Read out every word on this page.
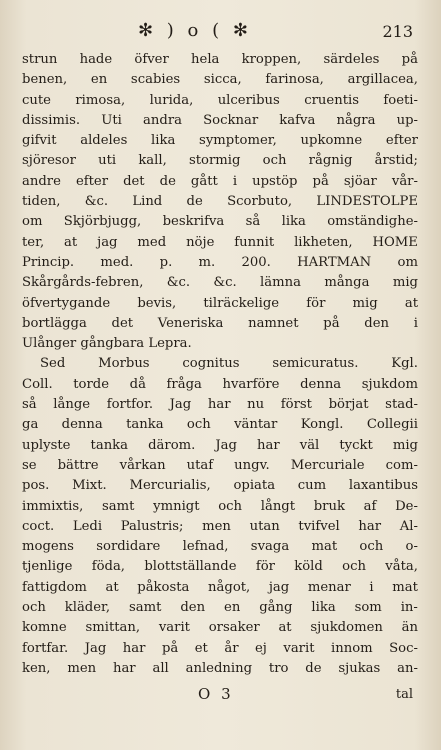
✻ ) o ( ✻	213
strun hade öfver hela kroppen, särdeles på
benen, en scabies sicca, farinosa, argillacea,
cute rimosa, lurida, ulceribus cruentis foeti-
dissimis. Uti andra Socknar kafva några up-
gifvit aldeles lika symptomer, upkomne efter
sjöresor uti kall, stormig och rågnig årstid;
andre efter det de gått i upstöp på sjöar vår-
tiden, &c. Lind de Scorbuto, LINDESTOLPE
om Skjörbjugg, beskrifva så lika omständighe-
ter, at jag med nöje funnit likheten, HOME
Princip. med. p. m. 200. HARTMAN om
Skårgårds-febren, &c. &c. lämna många mig
öfvertygande bevis, tilräckelige för mig at
bortlägga det Veneriska namnet på den i
Ulånger gångbara Lepra.
Sed Morbus cognitus semicuratus. Kgl.
Coll. torde då fråga hvarföre denna sjukdom
så långe fortfor. Jag har nu först börjat stad-
ga denna tanka och väntar Kongl. Collegii
uplyste tanka därom. Jag har väl tyckt mig
se bättre vårkan utaf ungv. Mercuriale com-
pos. Mixt. Mercurialis, opiata cum laxantibus
immixtis, samt ymnigt och långt bruk af De-
coct. Ledi Palustris; men utan tvifvel har Al-
mogens sordidare lefnad, svaga mat och o-
tjenlige föda, blottställande för köld och våta,
fattigdom at påkosta något, jag menar i mat
och kläder, samt den en gång lika som in-
komne smittan, varit orsaker at sjukdomen än
fortfar. Jag har på et år ej varit innom Soc-
ken, men har all anledning tro de sjukas an-
O 3	tal
